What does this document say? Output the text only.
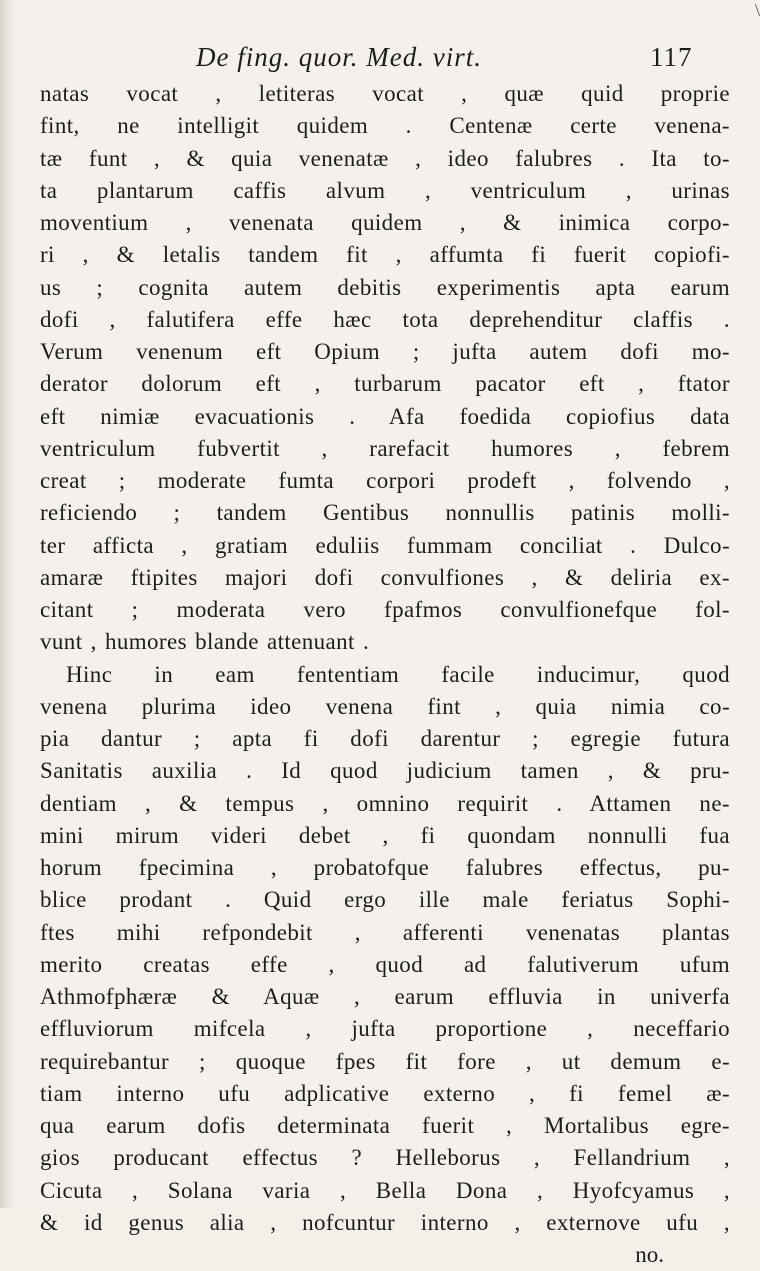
\
De fing. quor. Med. virt.	117
natas vocat , letiteras vocat , quæ quid proprie
fint, ne intelligit quidem . Centenæ certe venena-
tæ funt , & quia venenatæ , ideo falubres . Ita to-
ta plantarum caffis alvum , ventriculum , urinas
moventium , venenata quidem , & inimica corpo-
ri , & letalis tandem fit , affumta fi fuerit copiofi-
us ; cognita autem debitis experimentis apta earum
dofi , falutifera effe hæc tota deprehenditur claffis .
Verum venenum eft Opium ; jufta autem dofi mo-
derator dolorum eft , turbarum pacator eft , ftator
eft nimiæ evacuationis . Afa foedida copiofius data
ventriculum fubvertit , rarefacit humores , febrem
creat ; moderate fumta corpori prodeft , folvendo ,
reficiendo ; tandem Gentibus nonnullis patinis molli-
ter afficta , gratiam eduliis fummam conciliat . Dulco-
amaræ ftipites majori dofi convulfiones , & deliria ex-
citant ; moderata vero fpafmos convulfionefque fol-
vunt , humores blande attenuant .
Hinc in eam fententiam facile inducimur, quod
venena plurima ideo venena fint , quia nimia co-
pia dantur ; apta fi dofi darentur ; egregie futura
Sanitatis auxilia . Id quod judicium tamen , & pru-
dentiam , & tempus , omnino requirit . Attamen ne-
mini mirum videri debet , fi quondam nonnulli fua
horum fpecimina , probatofque falubres effectus, pu-
blice prodant . Quid ergo ille male feriatus Sophi-
ftes mihi refpondebit , afferenti venenatas plantas
merito creatas effe , quod ad falutiverum ufum
Athmofphæræ & Aquæ , earum effluvia in univerfa
effluviorum mifcela , jufta proportione , neceffario
requirebantur ; quoque fpes fit fore , ut demum e-
tiam interno ufu adplicative externo , fi femel æ-
qua earum dofis determinata fuerit , Mortalibus egre-
gios producant effectus ? Helleborus , Fellandrium ,
Cicuta , Solana varia , Bella Dona , Hyofcyamus ,
& id genus alia , nofcuntur interno , externove ufu ,
no.
